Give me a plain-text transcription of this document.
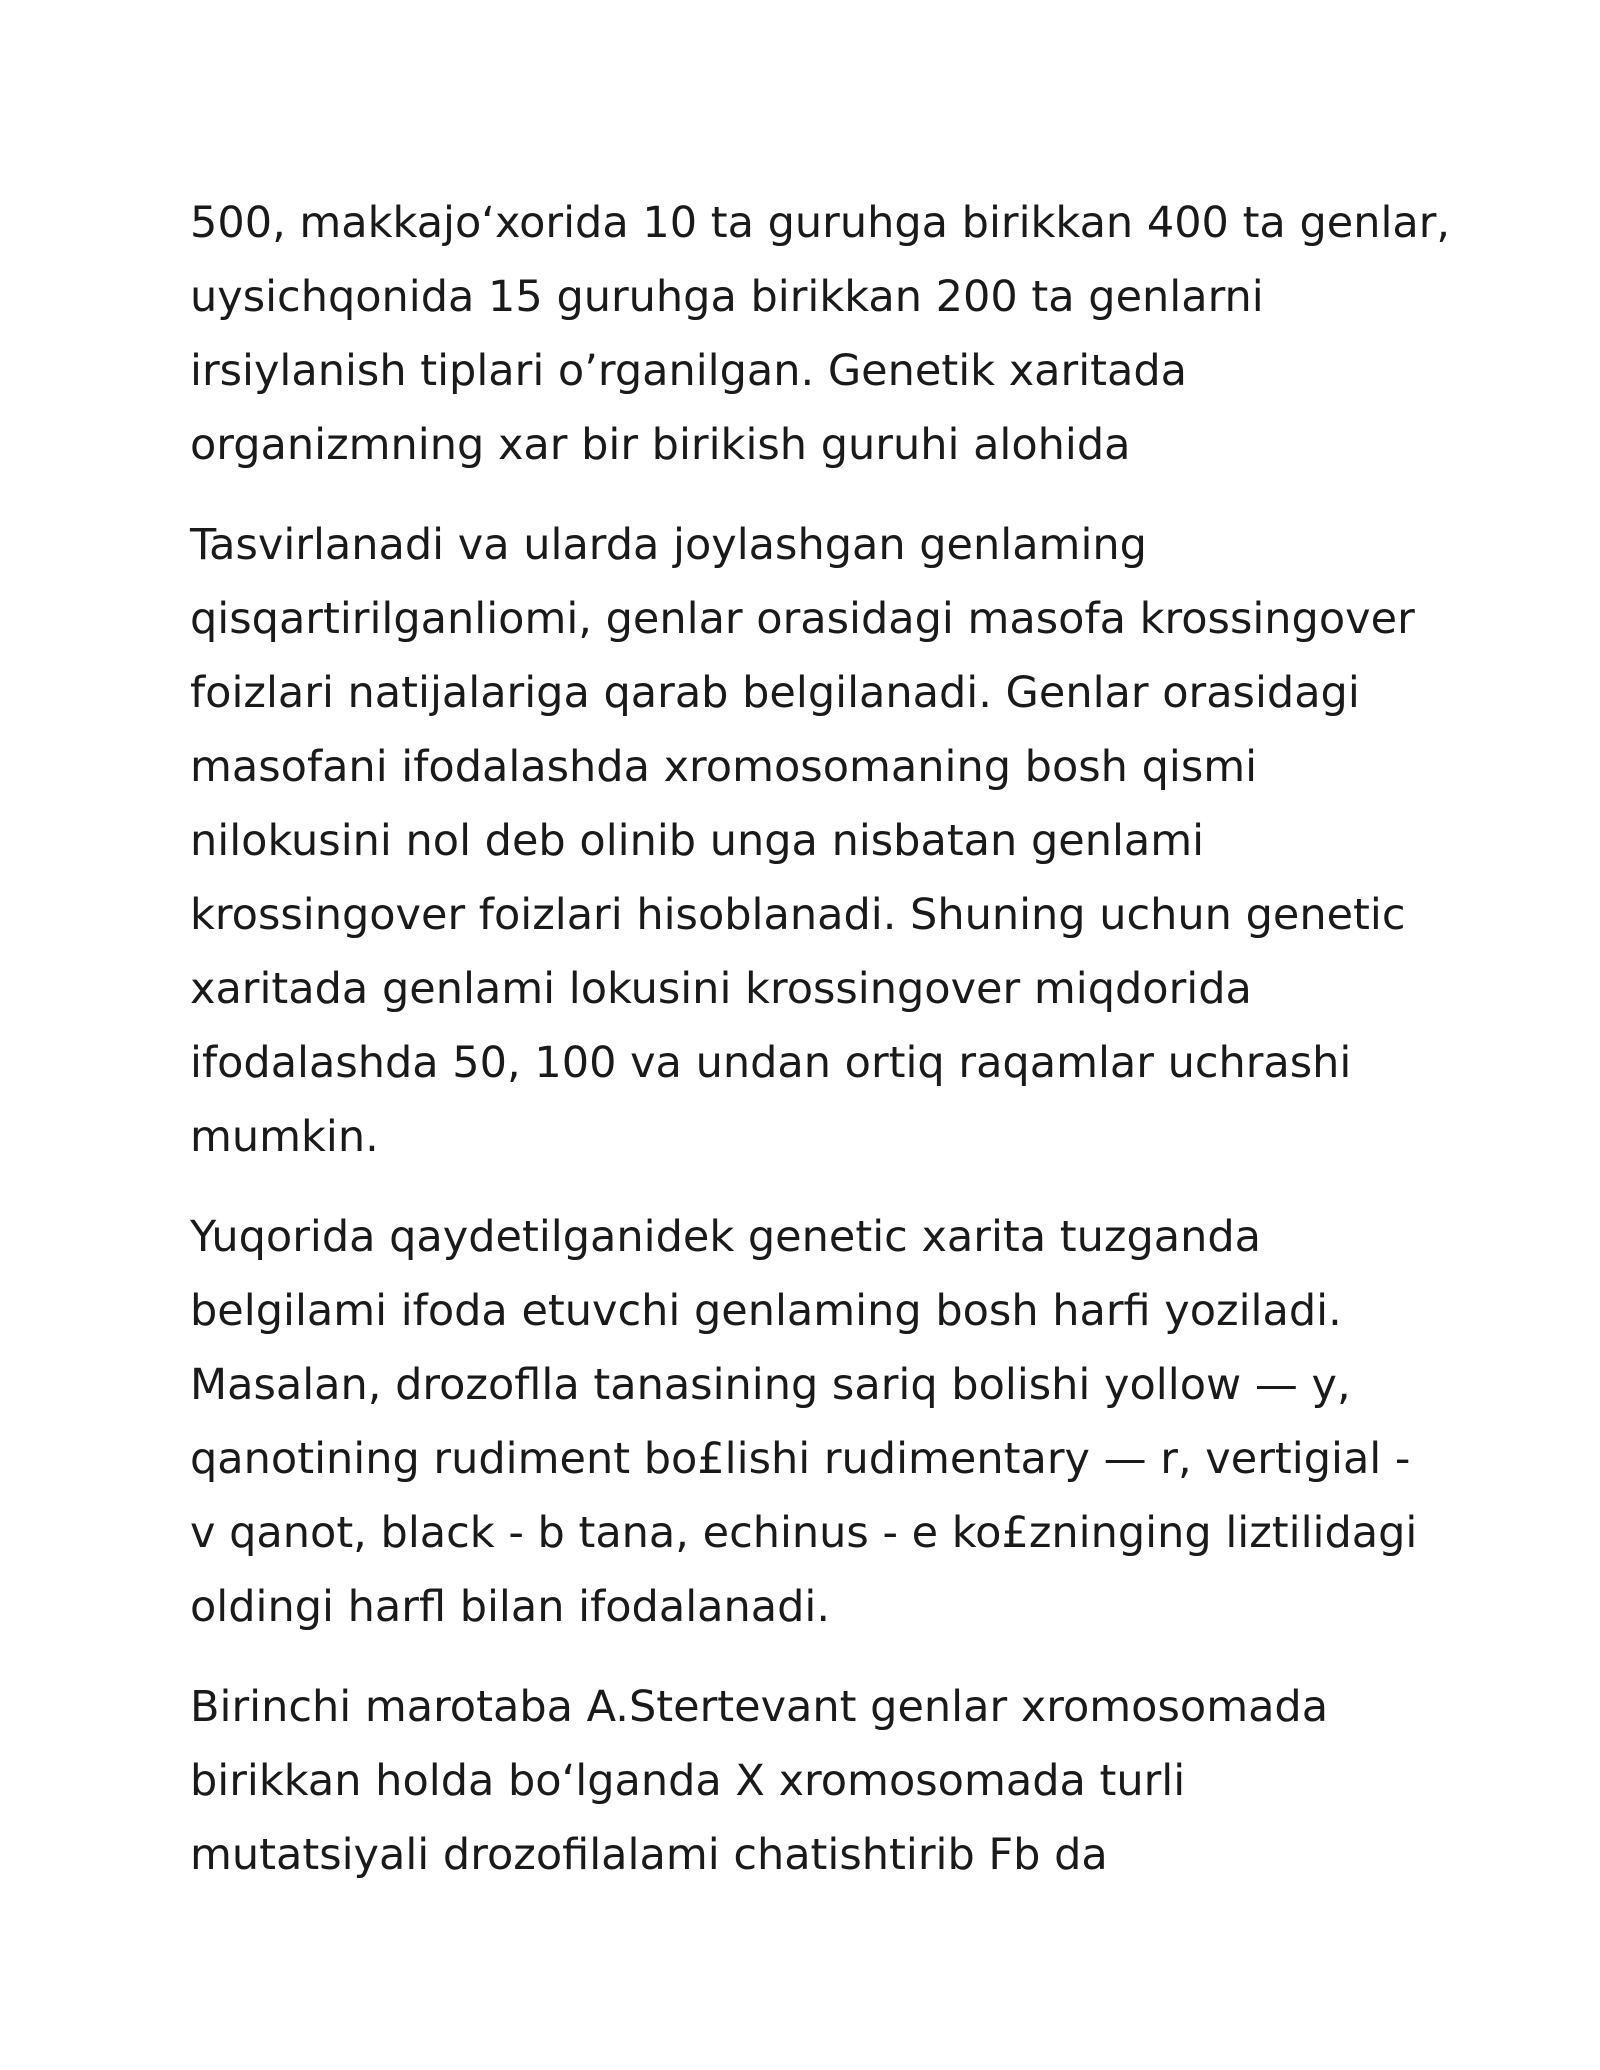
500, makkajo‘xorida 10 ta guruhga birikkan 400 ta genlar,
uysichqonida 15 guruhga birikkan 200 ta genlarni
irsiylanish tiplari o’rganilgan. Genetik xaritada
organizmning xar bir birikish guruhi alohida

Tasvirlanadi va ularda joylashgan genlaming
qisqartirilganliomi, genlar orasidagi masofa krossingover
foizlari natijalariga qarab belgilanadi. Genlar orasidagi
masofani ifodalashda xromosomaning bosh qismi
nilokusini nol deb olinib unga nisbatan genlami
krossingover foizlari hisoblanadi. Shuning uchun genetic
xaritada genlami lokusini krossingover miqdorida
ifodalashda 50, 100 va undan ortiq raqamlar uchrashi
mumkin.

Yuqorida qaydetilganidek genetic xarita tuzganda
belgilami ifoda etuvchi genlaming bosh harfi yoziladi.
Masalan, drozoflla tanasining sariq bolishi yollow — y,
qanotining rudiment bo£lishi rudimentary — r, vertigial -
v qanot, black - b tana, echinus - e ko£zninging liztilidagi
oldingi harfl bilan ifodalanadi.

Birinchi marotaba A.Stertevant genlar xromosomada
birikkan holda bo‘lganda X xromosomada turli
mutatsiyali drozofilalami chatishtirib Fb da
